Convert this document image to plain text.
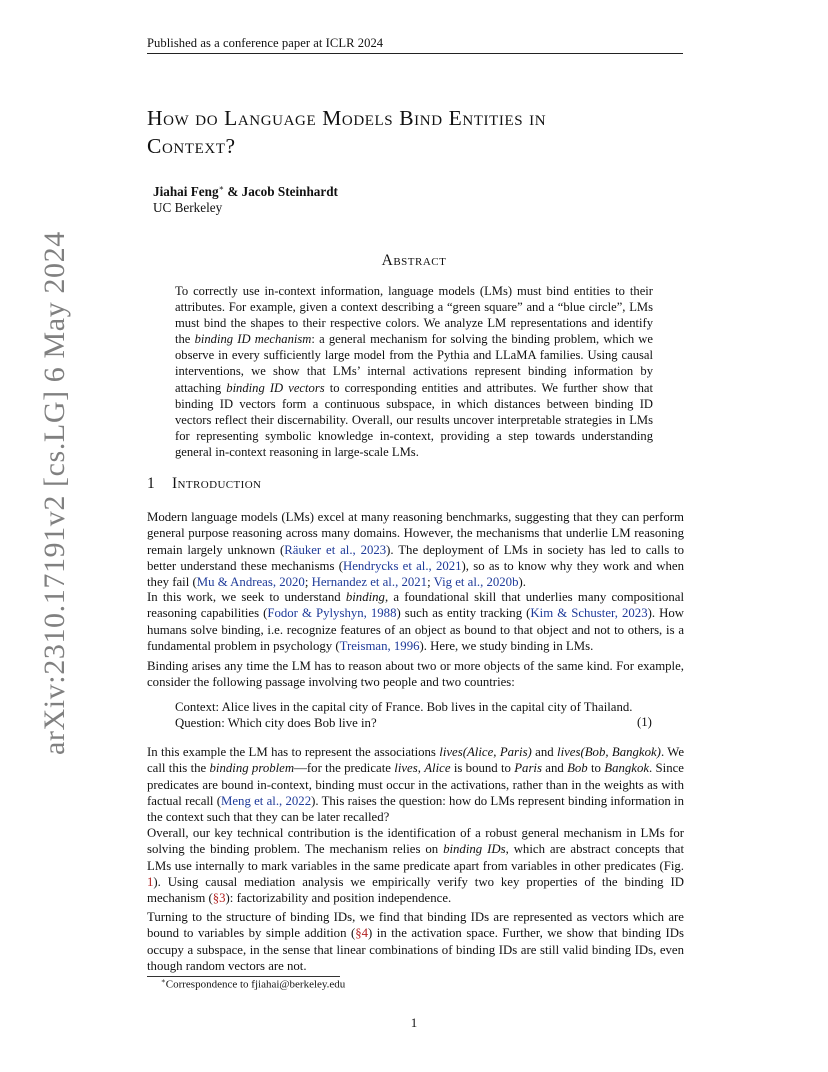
arXiv:2310.17191v2 [cs.LG] 6 May 2024
Published as a conference paper at ICLR 2024
How do Language Models Bind Entities in
Context?
Jiahai Feng∗ & Jacob Steinhardt
UC Berkeley
Abstract
To correctly use in-context information, language models (LMs) must bind entities to their attributes. For example, given a context describing a “green square” and a “blue circle”, LMs must bind the shapes to their respective colors. We analyze LM representations and identify the binding ID mechanism: a general mechanism for solving the binding problem, which we observe in every sufficiently large model from the Pythia and LLaMA families. Using causal interventions, we show that LMs’ internal activations represent binding information by attaching binding ID vectors to corresponding entities and attributes. We further show that binding ID vectors form a continuous subspace, in which distances between binding ID vectors reflect their discernability. Overall, our results uncover interpretable strategies in LMs for representing symbolic knowledge in-context, providing a step towards understanding general in-context reasoning in large-scale LMs.
1 Introduction

Modern language models (LMs) excel at many reasoning benchmarks, suggesting that they can perform general purpose reasoning across many domains. However, the mechanisms that underlie LM reasoning remain largely unknown (Räuker et al., 2023). The deployment of LMs in society has led to calls to better understand these mechanisms (Hendrycks et al., 2021), so as to know why they work and when they fail (Mu & Andreas, 2020; Hernandez et al., 2021; Vig et al., 2020b).

In this work, we seek to understand binding, a foundational skill that underlies many compositional reasoning capabilities (Fodor & Pylyshyn, 1988) such as entity tracking (Kim & Schuster, 2023). How humans solve binding, i.e. recognize features of an object as bound to that object and not to others, is a fundamental problem in psychology (Treisman, 1996). Here, we study binding in LMs.

Binding arises any time the LM has to reason about two or more objects of the same kind. For example, consider the following passage involving two people and two countries:
Context: Alice lives in the capital city of France. Bob lives in the capital city of Thailand.
Question: Which city does Bob live in?	(1)

In this example the LM has to represent the associations lives(Alice, Paris) and lives(Bob, Bangkok). We call this the binding problem—for the predicate lives, Alice is bound to Paris and Bob to Bangkok. Since predicates are bound in-context, binding must occur in the activations, rather than in the weights as with factual recall (Meng et al., 2022). This raises the question: how do LMs represent binding information in the context such that they can be later recalled?

Overall, our key technical contribution is the identification of a robust general mechanism in LMs for solving the binding problem. The mechanism relies on binding IDs, which are abstract concepts that LMs use internally to mark variables in the same predicate apart from variables in other predicates (Fig. 1). Using causal mediation analysis we empirically verify two key properties of the binding ID mechanism (§3): factorizability and position independence.

Turning to the structure of binding IDs, we find that binding IDs are represented as vectors which are bound to variables by simple addition (§4) in the activation space. Further, we show that binding IDs occupy a subspace, in the sense that linear combinations of binding IDs are still valid binding IDs, even though random vectors are not.

∗Correspondence to fjiahai@berkeley.edu
1
